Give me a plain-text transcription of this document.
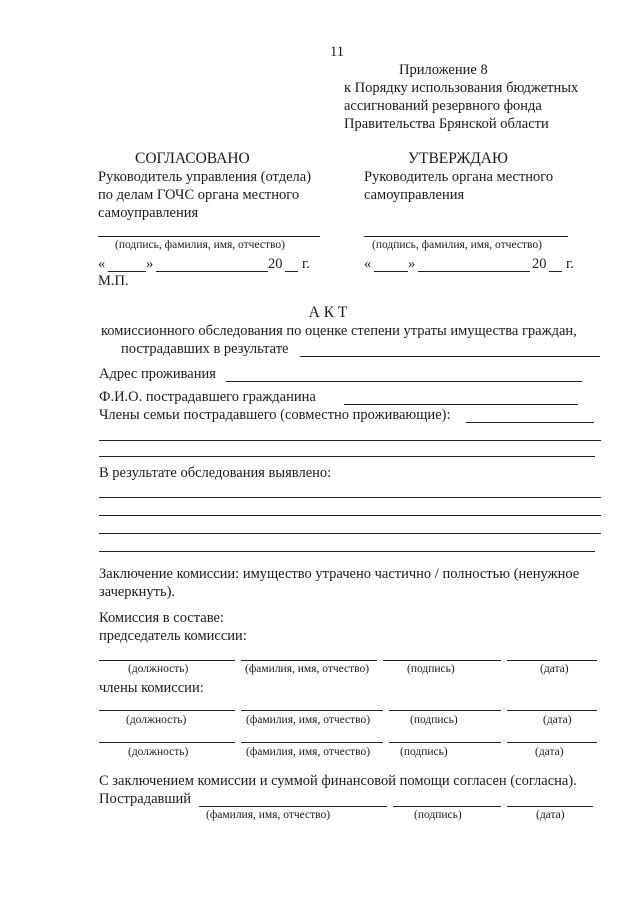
11
Приложение 8
к Порядку использования бюджетных
ассигнований резервного фонда
Правительства Брянской области
СОГЛАСОВАНО
Руководитель управления (отдела)
по делам ГОЧС органа местного
самоуправления
(подпись, фамилия, имя, отчество)
«	»	20 г.
М.П.
УТВЕРЖДАЮ
Руководитель органа местного
самоуправления
(подпись, фамилия, имя, отчество)
«	»	20 г.
А К Т
комиссионного обследования по оценке степени утраты имущества граждан,
пострадавших в результате
Адрес проживания
Ф.И.О. пострадавшего гражданина
Члены семьи пострадавшего (совместно проживающие):
В результате обследования выявлено:
Заключение комиссии: имущество утрачено частично / полностью (ненужное
зачеркнуть).
Комиссия в составе:
председатель комиссии:
(должность)	(фамилия, имя, отчество)	(подпись)	(дата)
члены комиссии:
(должность)	(фамилия, имя, отчество)	(подпись)	(дата)
(должность)	(фамилия, имя, отчество)	(подпись)	(дата)
С заключением комиссии и суммой финансовой помощи согласен (согласна).
Пострадавший
(фамилия, имя, отчество)	(подпись)	(дата)
